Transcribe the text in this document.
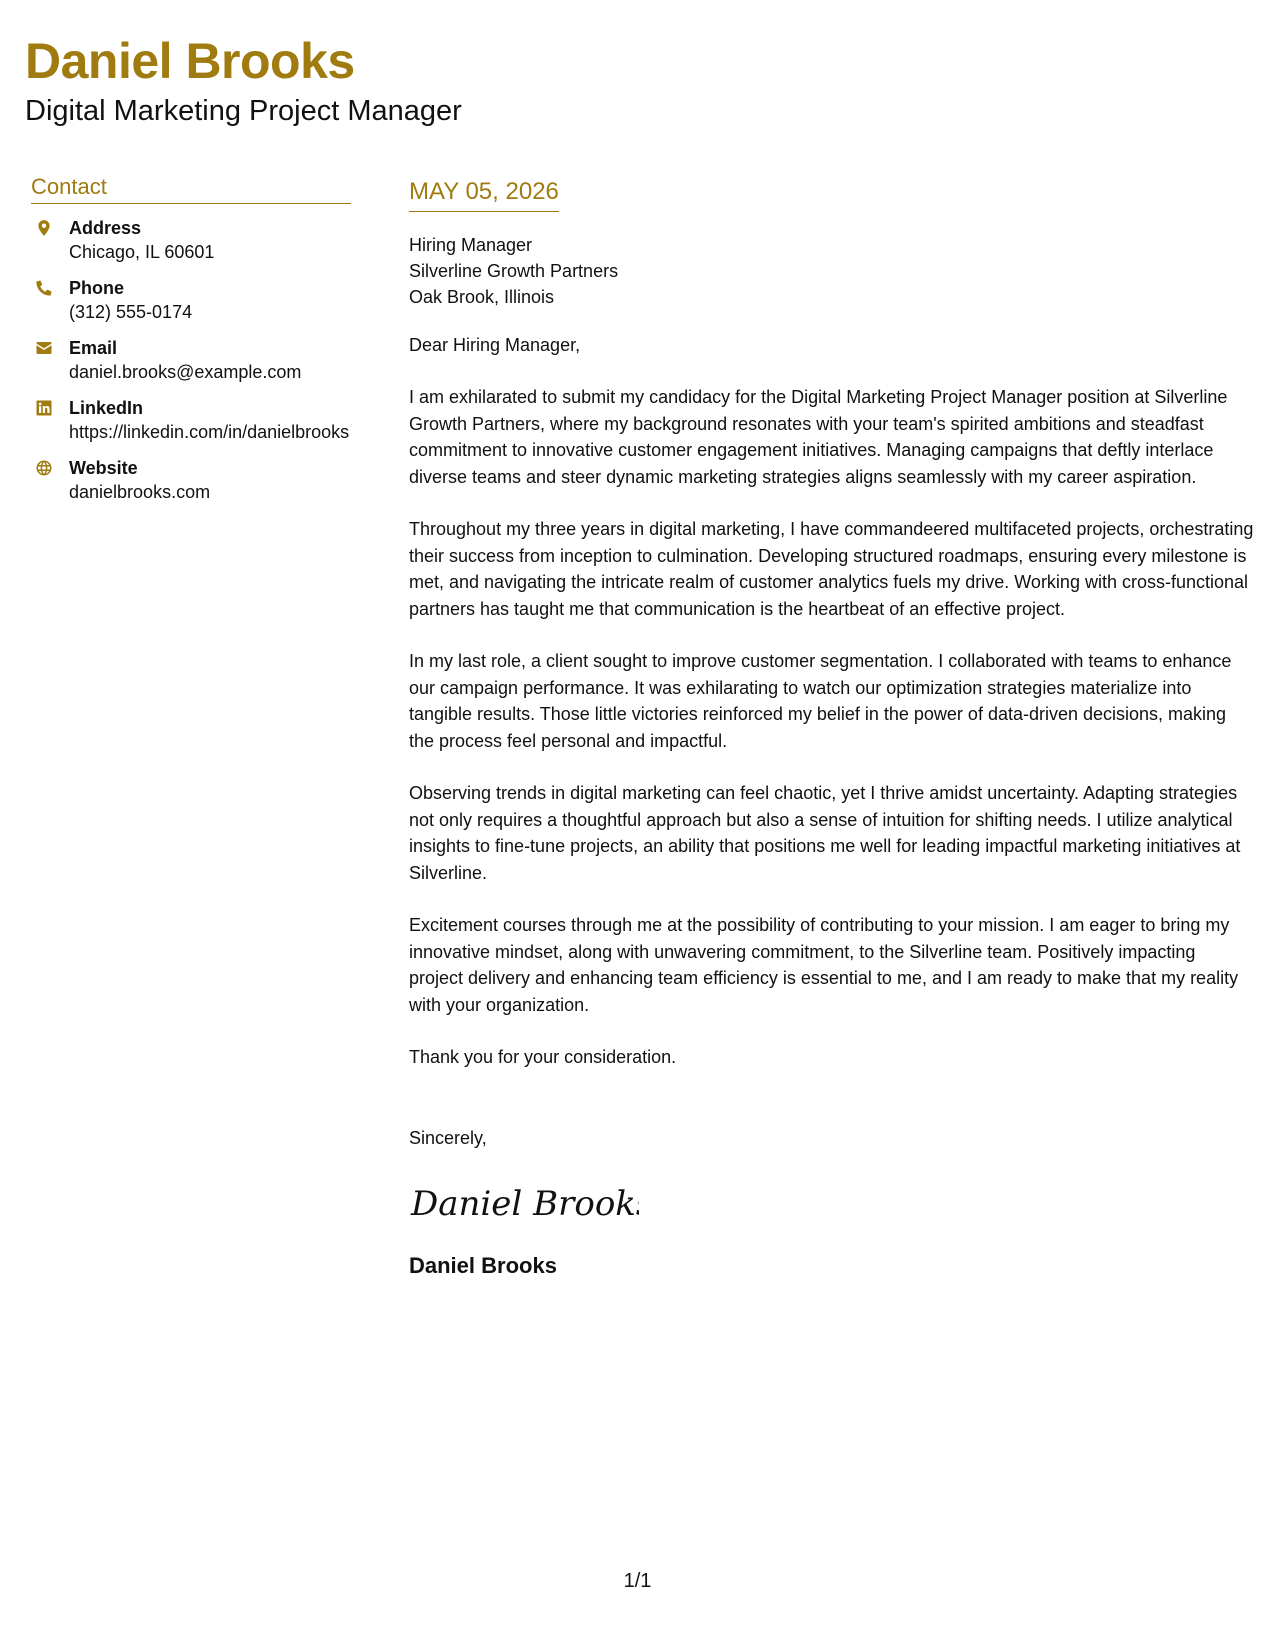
Daniel Brooks
Digital Marketing Project Manager
Contact
Address
Chicago, IL 60601
Phone
(312) 555-0174
Email
daniel.brooks@example.com
LinkedIn
https://linkedin.com/in/danielbrooks
Website
danielbrooks.com
MAY 05, 2026
Hiring Manager
Silverline Growth Partners
Oak Brook, Illinois
Dear Hiring Manager,

I am exhilarated to submit my candidacy for the Digital Marketing Project Manager position at Silverline Growth Partners, where my background resonates with your team's spirited ambitions and steadfast commitment to innovative customer engagement initiatives. Managing campaigns that deftly interlace diverse teams and steer dynamic marketing strategies aligns seamlessly with my career aspiration.

Throughout my three years in digital marketing, I have commandeered multifaceted projects, orchestrating their success from inception to culmination. Developing structured roadmaps, ensuring every milestone is met, and navigating the intricate realm of customer analytics fuels my drive. Working with cross-functional partners has taught me that communication is the heartbeat of an effective project.

In my last role, a client sought to improve customer segmentation. I collaborated with teams to enhance our campaign performance. It was exhilarating to watch our optimization strategies materialize into tangible results. Those little victories reinforced my belief in the power of data-driven decisions, making the process feel personal and impactful.

Observing trends in digital marketing can feel chaotic, yet I thrive amidst uncertainty. Adapting strategies not only requires a thoughtful approach but also a sense of intuition for shifting needs. I utilize analytical insights to fine-tune projects, an ability that positions me well for leading impactful marketing initiatives at Silverline.

Excitement courses through me at the possibility of contributing to your mission. I am eager to bring my innovative mindset, along with unwavering commitment, to the Silverline team. Positively impacting project delivery and enhancing team efficiency is essential to me, and I am ready to make that my reality with your organization.

Thank you for your consideration.

Sincerely,
Daniel Brooks
Daniel Brooks
1/1
